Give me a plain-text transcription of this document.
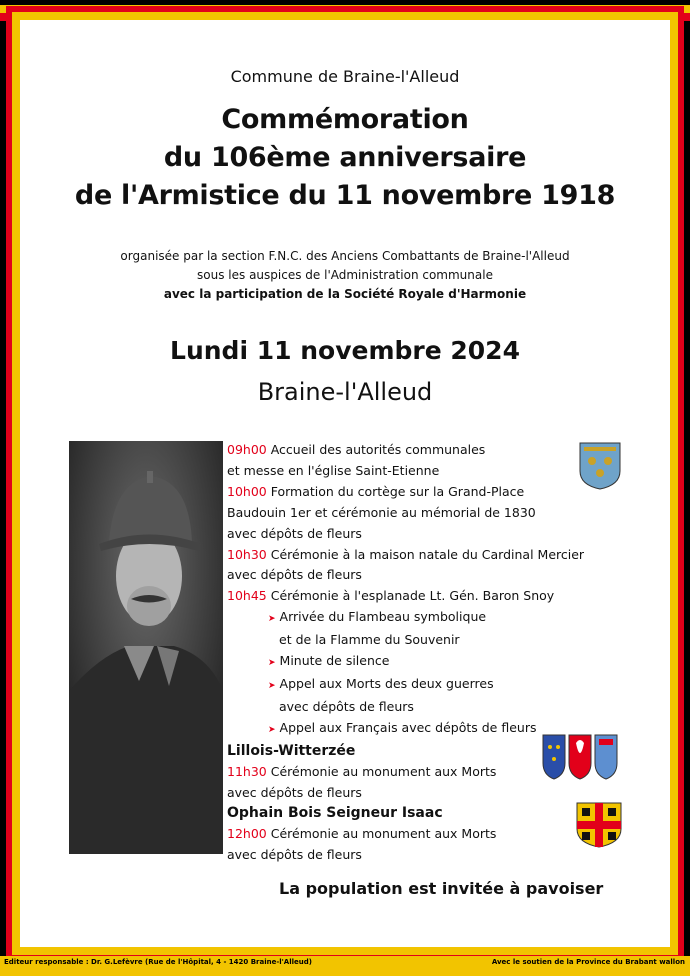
Commune de Braine-l'Alleud
Commémoration
du 106ème anniversaire
de l'Armistice du 11 novembre 1918
organisée par la section F.N.C. des Anciens Combattants de Braine-l'Alleud
sous les auspices de l'Administration communale
avec la participation de la Société Royale d'Harmonie
Lundi 11 novembre 2024
Braine-l'Alleud
09h00 Accueil des autorités communales
et messe en l'église Saint-Etienne
10h00 Formation du cortège sur la Grand-Place
Baudouin 1er et cérémonie au mémorial de 1830
avec dépôts de fleurs
10h30 Cérémonie à la maison natale du Cardinal Mercier
avec dépôts de fleurs
10h45 Cérémonie à l'esplanade Lt. Gén. Baron Snoy
➤ Arrivée du Flambeau symbolique
et de la Flamme du Souvenir
➤ Minute de silence
➤ Appel aux Morts des deux guerres
avec dépôts de fleurs
➤ Appel aux Français avec dépôts de fleurs
Lillois-Witterzée
11h30 Cérémonie au monument aux Morts
avec dépôts de fleurs
Ophain Bois Seigneur Isaac
12h00 Cérémonie au monument aux Morts
avec dépôts de fleurs
La population est invitée à pavoiser
Editeur responsable : Dr. G.Lefèvre (Rue de l'Hôpital, 4 - 1420 Braine-l'Alleud)	Avec le soutien de la Province du Brabant wallon
